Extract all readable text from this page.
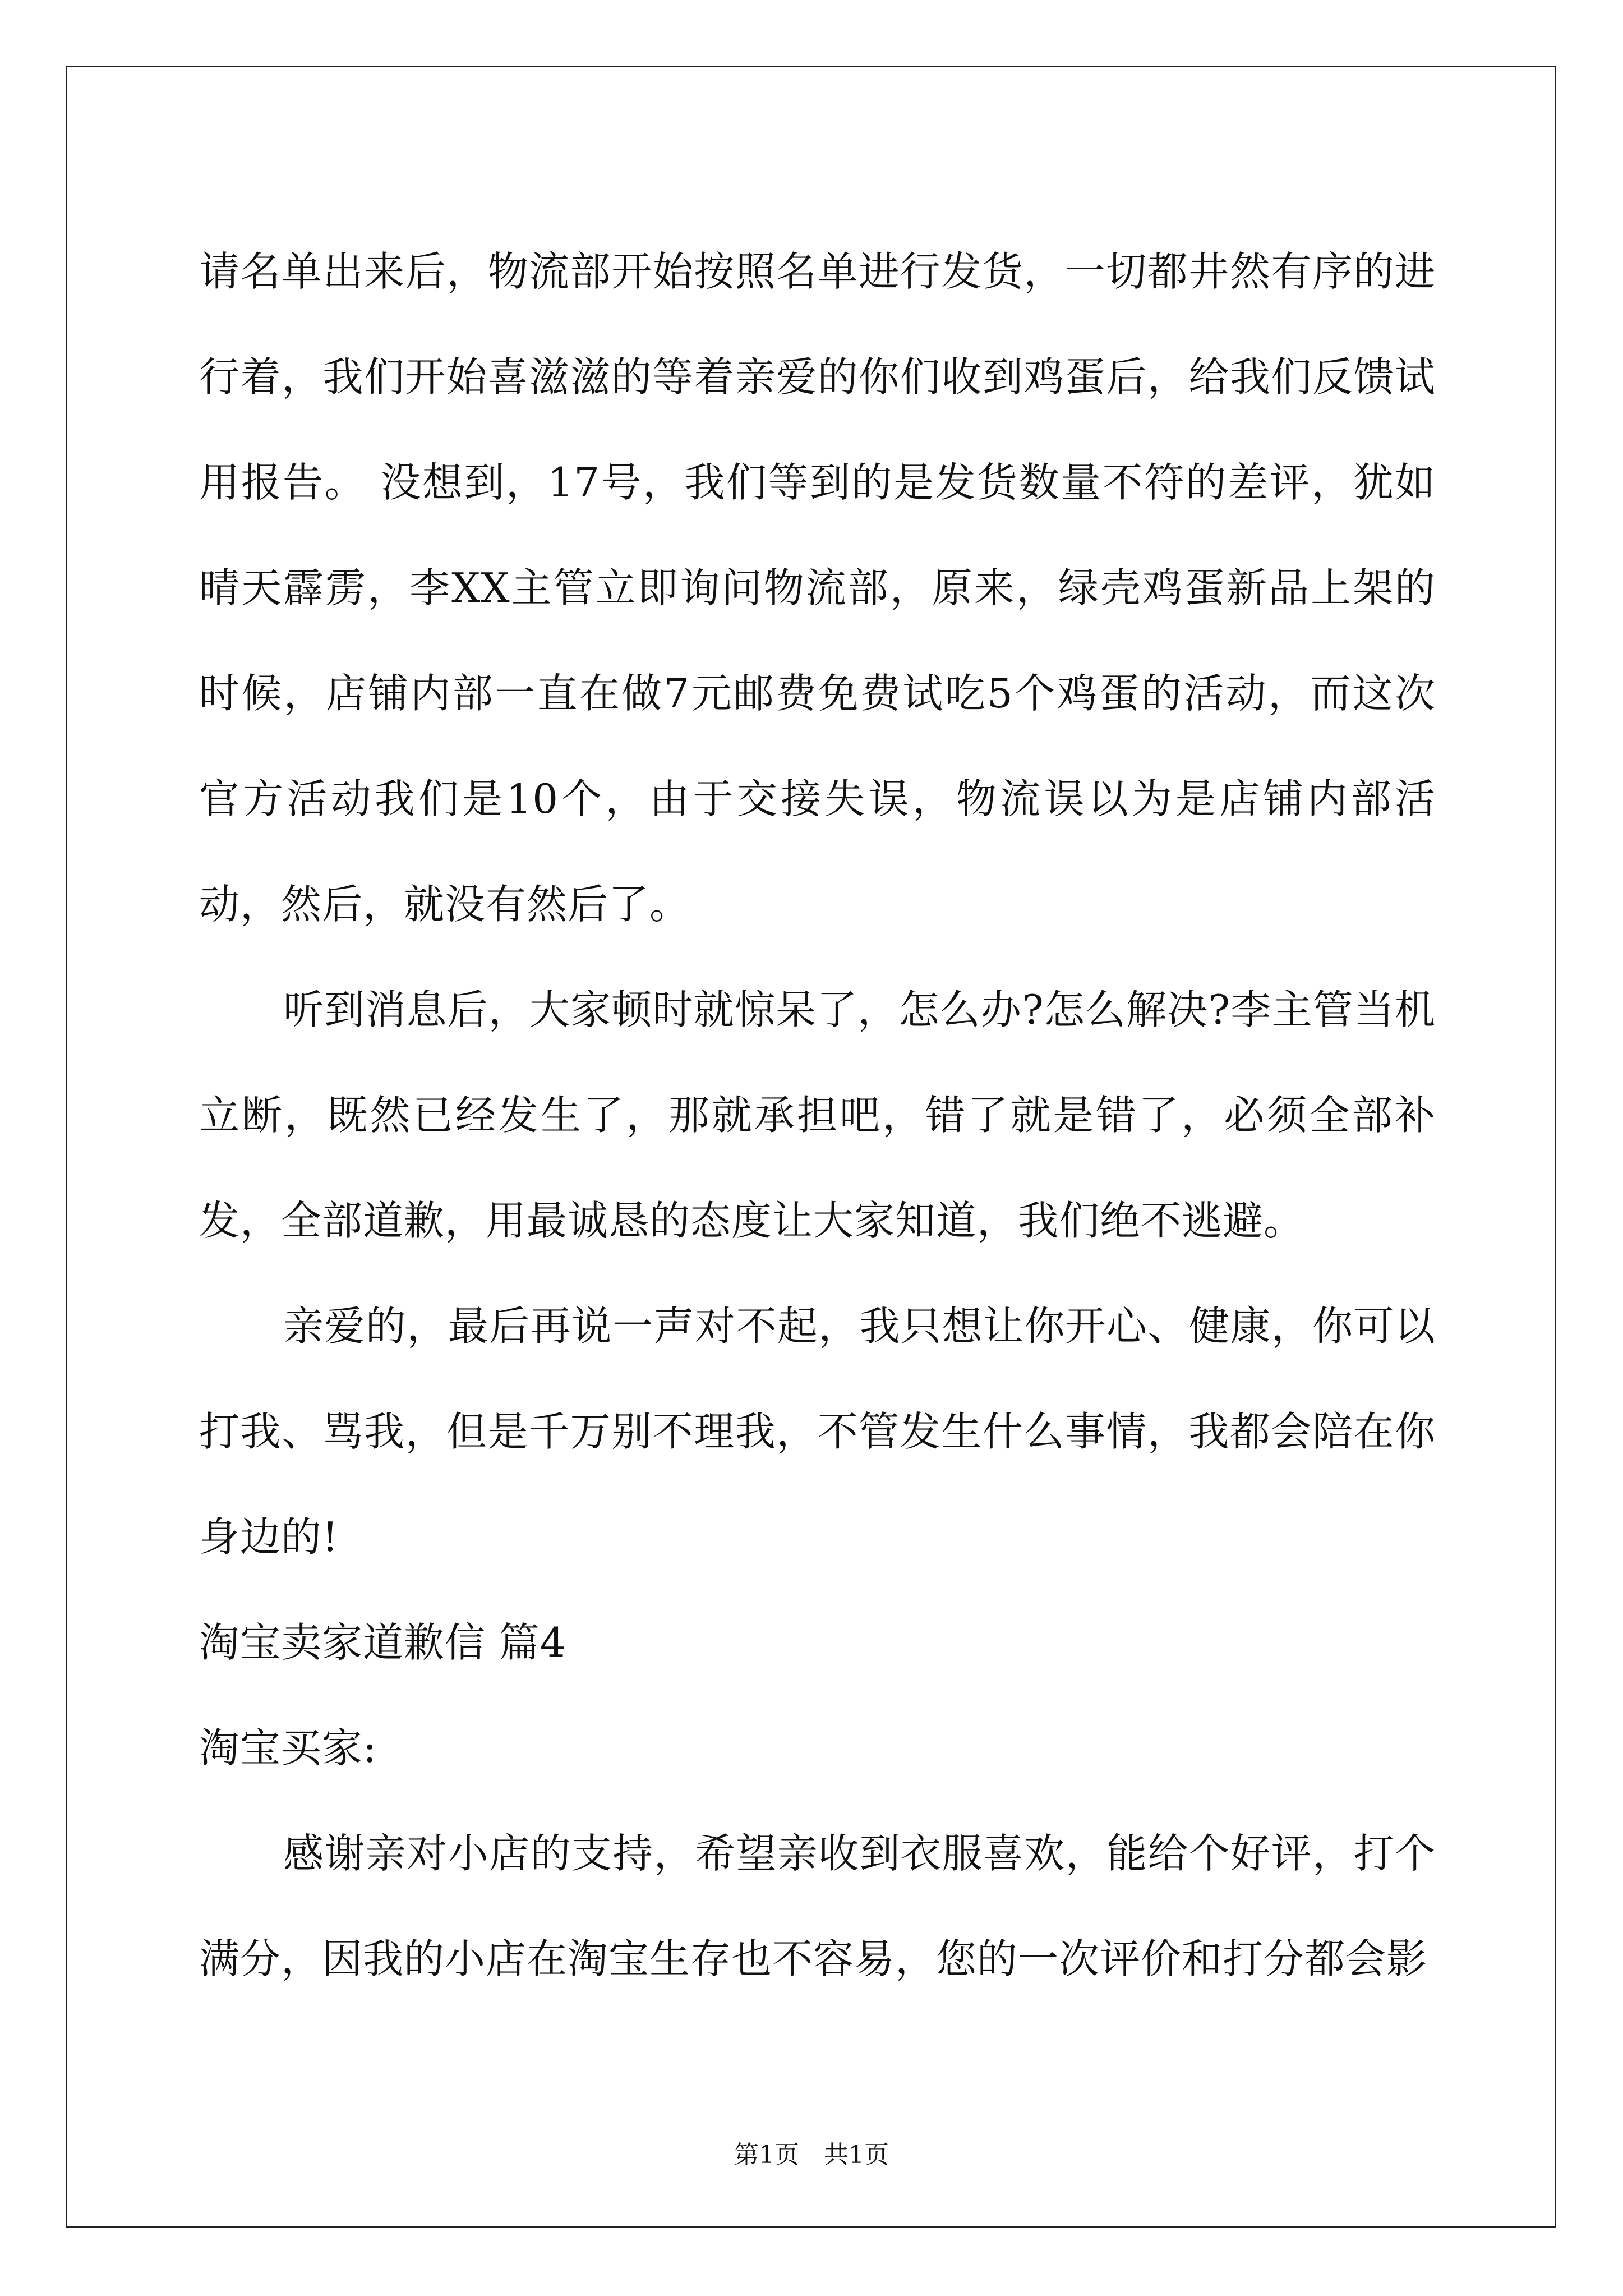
请名单出来后，物流部开始按照名单进行发货，一切都井然有序的进行着，我们开始喜滋滋的等着亲爱的你们收到鸡蛋后，给我们反馈试用报告。 没想到，17号，我们等到的是发货数量不符的差评，犹如晴天霹雳，李XX主管立即询问物流部，原来，绿壳鸡蛋新品上架的时候，店铺内部一直在做7元邮费免费试吃5个鸡蛋的活动，而这次官方活动我们是10个，由于交接失误，物流误以为是店铺内部活动，然后，就没有然后了。

听到消息后，大家顿时就惊呆了，怎么办?怎么解决?李主管当机立断，既然已经发生了，那就承担吧，错了就是错了，必须全部补发，全部道歉，用最诚恳的态度让大家知道，我们绝不逃避。

亲爱的，最后再说一声对不起，我只想让你开心、健康，你可以打我、骂我，但是千万别不理我，不管发生什么事情，我都会陪在你身边的!

淘宝卖家道歉信 篇4

淘宝买家:

感谢亲对小店的支持，希望亲收到衣服喜欢，能给个好评，打个满分，因我的小店在淘宝生存也不容易，您的一次评价和打分都会影

第1页　共1页
